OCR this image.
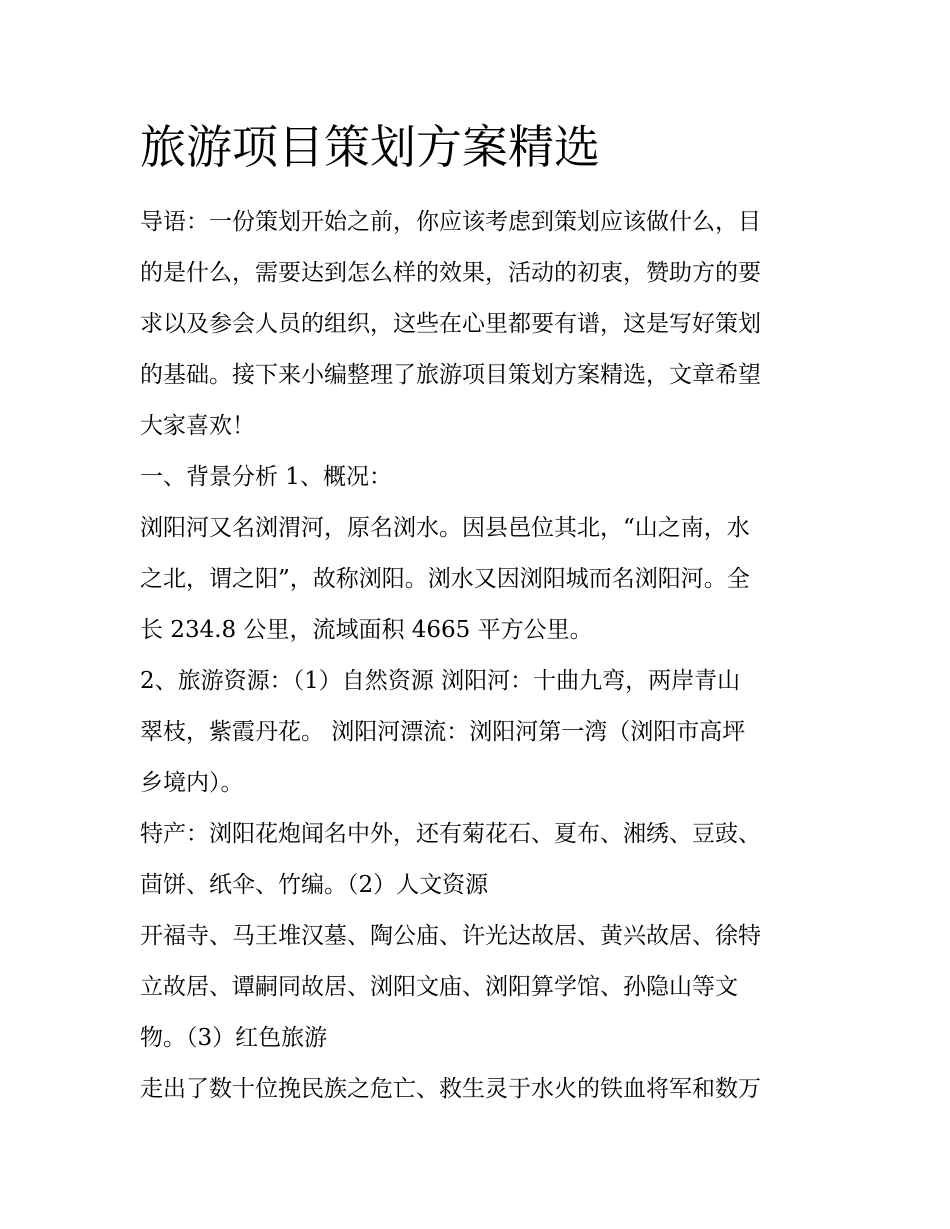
旅游项目策划方案精选
导语：一份策划开始之前，你应该考虑到策划应该做什么，目
的是什么，需要达到怎么样的效果，活动的初衷，赞助方的要
求以及参会人员的组织，这些在心里都要有谱，这是写好策划
的基础。接下来小编整理了旅游项目策划方案精选，文章希望
大家喜欢！
一、背景分析 1、概况：
浏阳河又名浏渭河，原名浏水。因县邑位其北，“山之南，水
之北，谓之阳”，故称浏阳。浏水又因浏阳城而名浏阳河。全
长 234.8 公里，流域面积 4665 平方公里。
2、旅游资源：（1）自然资源 浏阳河：十曲九弯，两岸青山
翠枝，紫霞丹花。 浏阳河漂流：浏阳河第一湾（浏阳市高坪
乡境内）。
特产：浏阳花炮闻名中外，还有菊花石、夏布、湘绣、豆豉、
茴饼、纸伞、竹编。（2）人文资源
开福寺、马王堆汉墓、陶公庙、许光达故居、黄兴故居、徐特
立故居、谭嗣同故居、浏阳文庙、浏阳算学馆、孙隐山等文
物。（3）红色旅游
走出了数十位挽民族之危亡、救生灵于水火的铁血将军和数万
